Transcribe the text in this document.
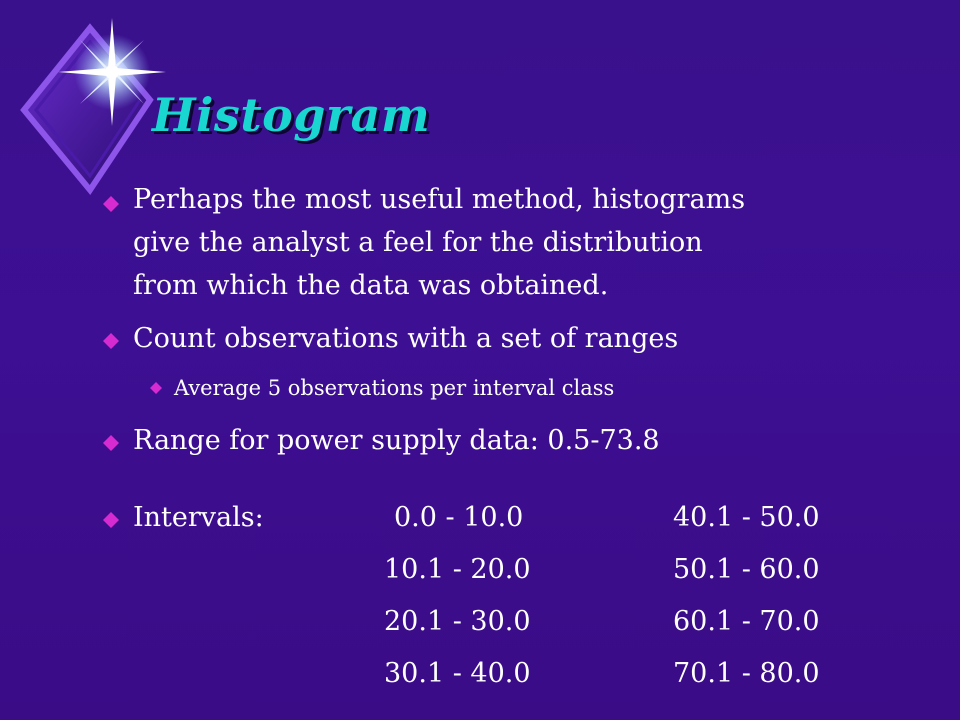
Histogram
Perhaps the most useful method, histograms
give the analyst a feel for the distribution
from which the data was obtained.
Count observations with a set of ranges
Average 5 observations per interval class
Range for power supply data: 0.5-73.8
Intervals:	0.0 - 10.0
10.1 - 20.0
20.1 - 30.0
30.1 - 40.0
40.1 - 50.0
50.1 - 60.0
60.1 - 70.0
70.1 - 80.0
